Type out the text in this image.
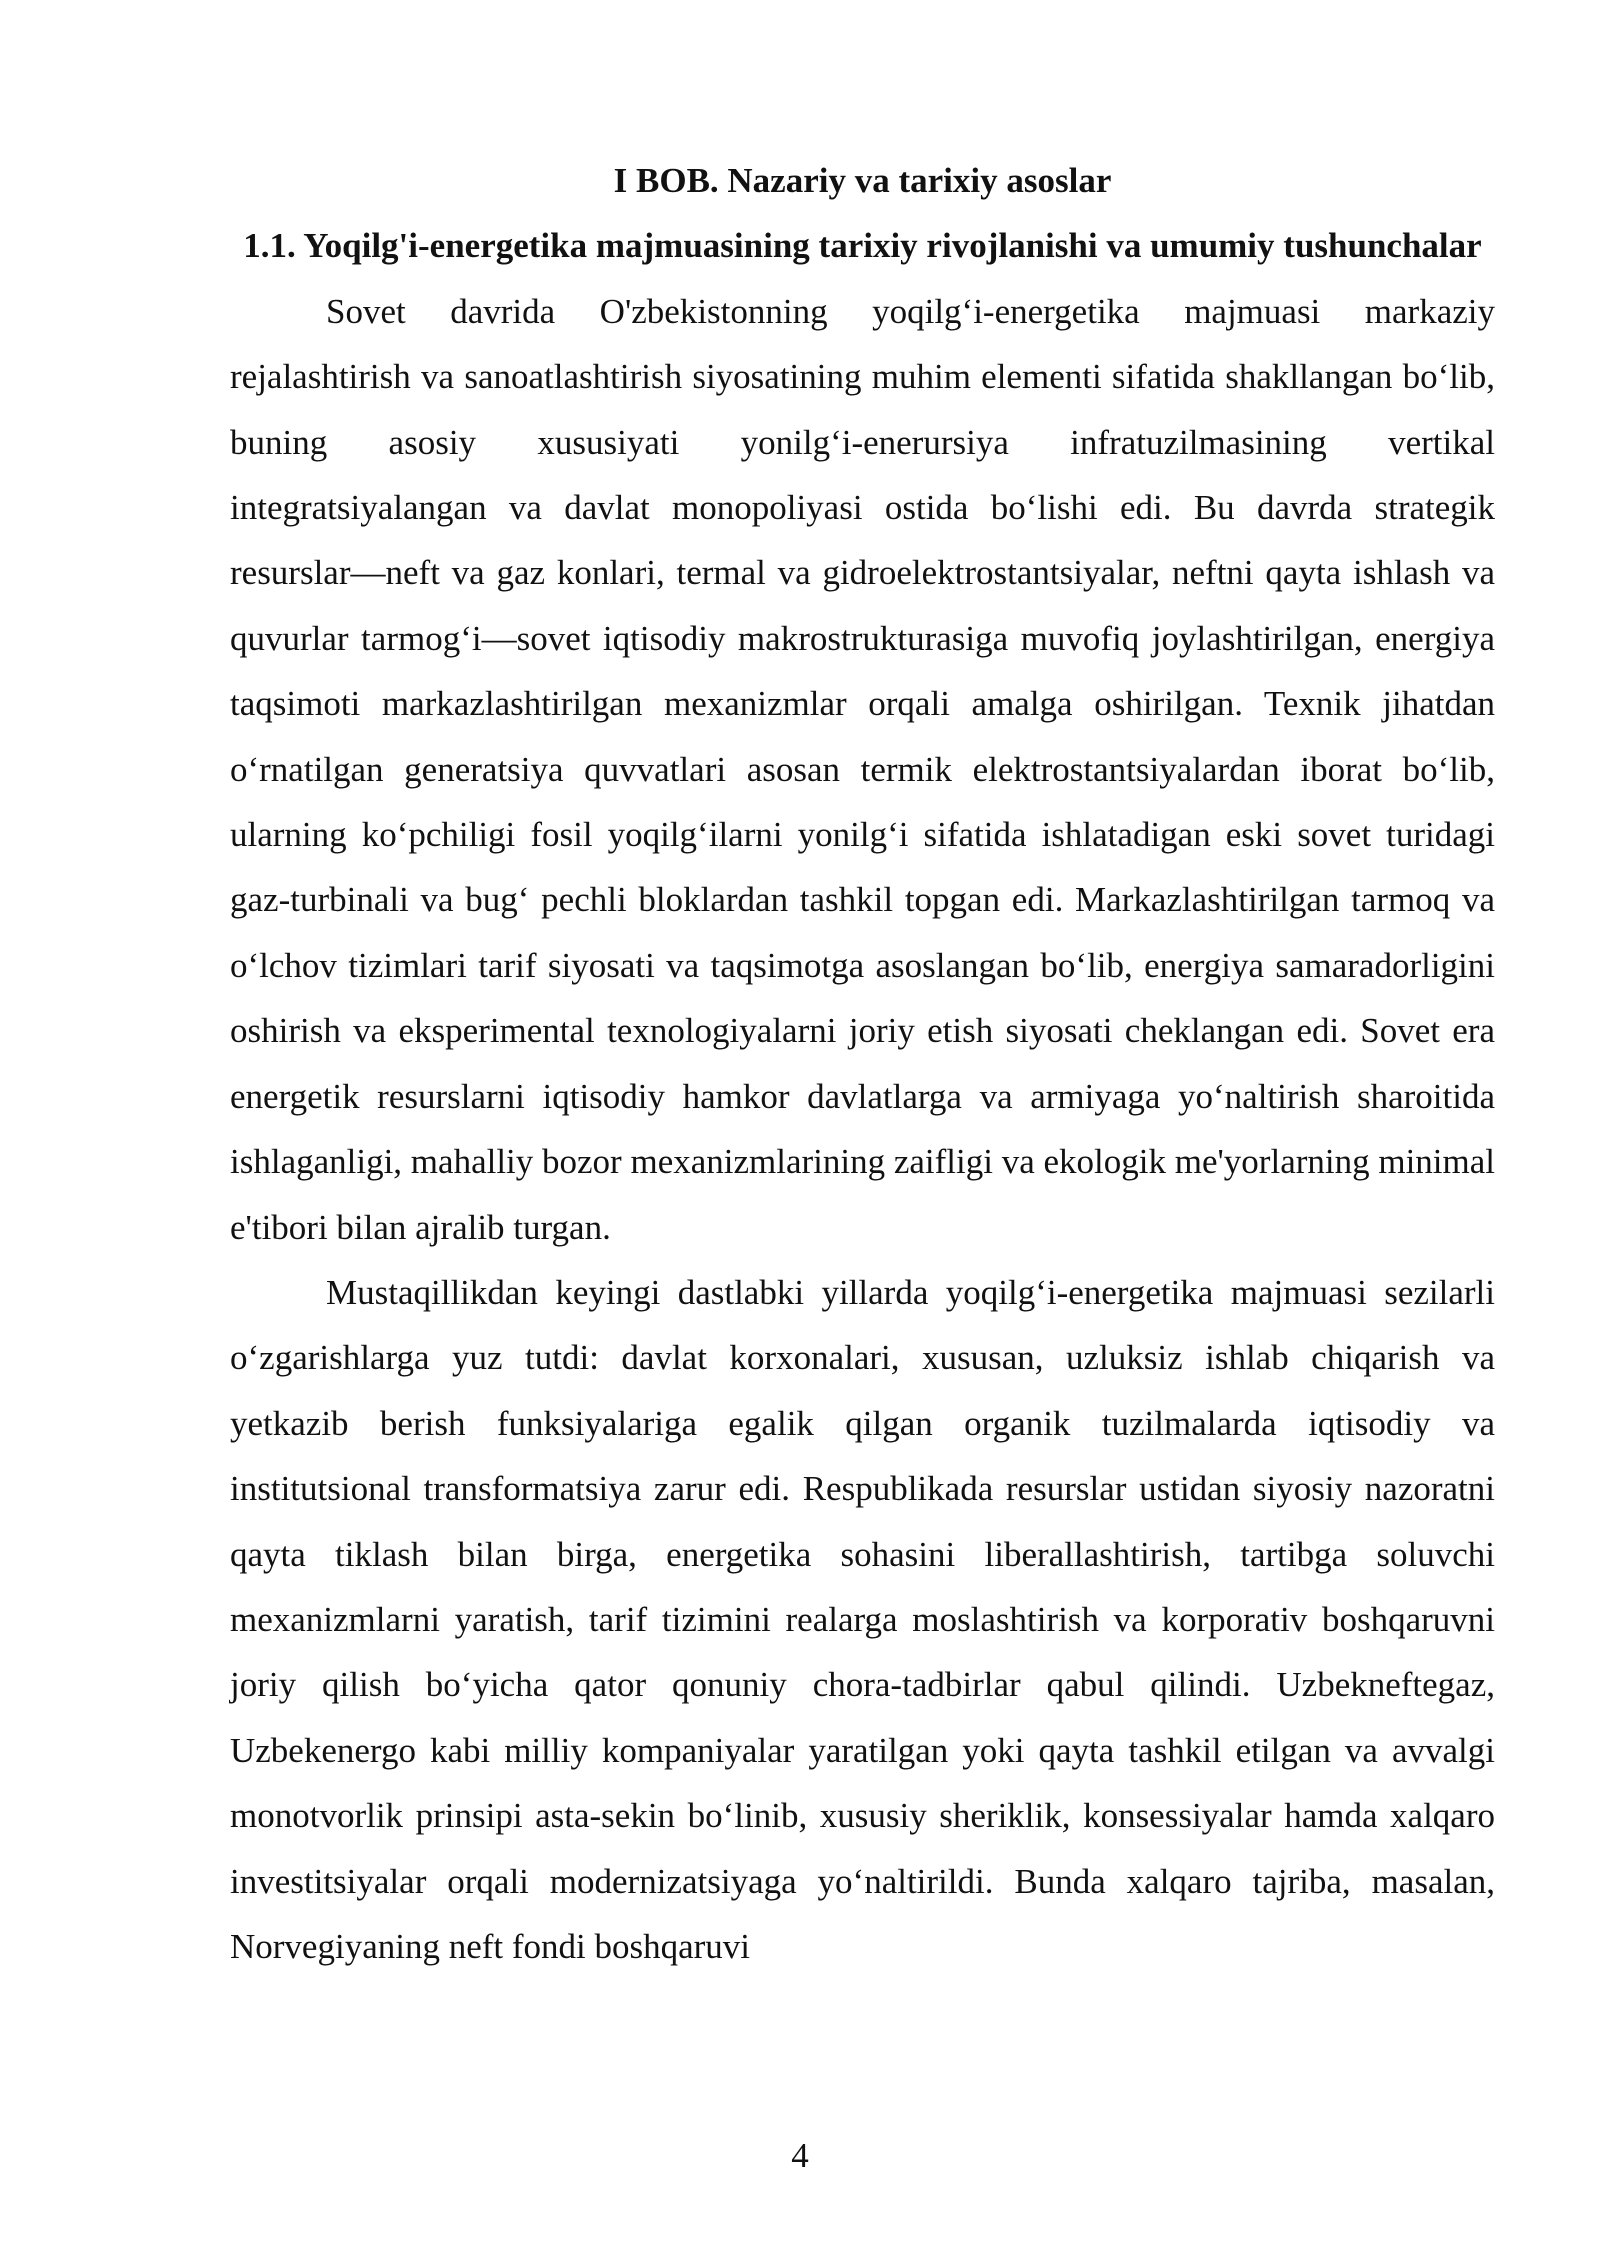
I BOB. Nazariy va tarixiy asoslar
1.1. Yoqilg'i-energetika majmuasining tarixiy rivojlanishi va umumiy tushunchalar

Sovet davrida O'zbekistonning yoqilg‘i-energetika majmuasi markaziy rejalashtirish va sanoatlashtirish siyosatining muhim elementi sifatida shakllangan bo‘lib, buning asosiy xususiyati yonilg‘i-enerursiya infratuzilmasining vertikal integratsiyalangan va davlat monopoliyasi ostida bo‘lishi edi. Bu davrda strategik resurslar—neft va gaz konlari, termal va gidroelektrostantsiyalar, neftni qayta ishlash va quvurlar tarmog‘i—sovet iqtisodiy makrostrukturasiga muvofiq joylashtirilgan, energiya taqsimoti markazlashtirilgan mexanizmlar orqali amalga oshirilgan. Texnik jihatdan o‘rnatilgan generatsiya quvvatlari asosan termik elektrostantsiyalardan iborat bo‘lib, ularning ko‘pchiligi fosil yoqilg‘ilarni yonilg‘i sifatida ishlatadigan eski sovet turidagi gaz-turbinali va bug‘ pechli bloklardan tashkil topgan edi. Markazlashtirilgan tarmoq va o‘lchov tizimlari tarif siyosati va taqsimotga asoslangan bo‘lib, energiya samaradorligini oshirish va eksperimental texnologiyalarni joriy etish siyosati cheklangan edi. Sovet era energetik resurslarni iqtisodiy hamkor davlatlarga va armiyaga yo‘naltirish sharoitida ishlaganligi, mahalliy bozor mexanizmlarining zaifligi va ekologik me'yorlarning minimal e'tibori bilan ajralib turgan.

Mustaqillikdan keyingi dastlabki yillarda yoqilg‘i-energetika majmuasi sezilarli o‘zgarishlarga yuz tutdi: davlat korxonalari, xususan, uzluksiz ishlab chiqarish va yetkazib berish funksiyalariga egalik qilgan organik tuzilmalarda iqtisodiy va institutsional transformatsiya zarur edi. Respublikada resurslar ustidan siyosiy nazoratni qayta tiklash bilan birga, energetika sohasini liberallashtirish, tartibga soluvchi mexanizmlarni yaratish, tarif tizimini realarga moslashtirish va korporativ boshqaruvni joriy qilish bo‘yicha qator qonuniy chora-tadbirlar qabul qilindi. Uzbekneftegaz, Uzbekenergo kabi milliy kompaniyalar yaratilgan yoki qayta tashkil etilgan va avvalgi monotvorlik prinsipi asta-sekin bo‘linib, xususiy sheriklik, konsessiyalar hamda xalqaro investitsiyalar orqali modernizatsiyaga yo‘naltirildi. Bunda xalqaro tajriba, masalan, Norvegiyaning neft fondi boshqaruvi

4
